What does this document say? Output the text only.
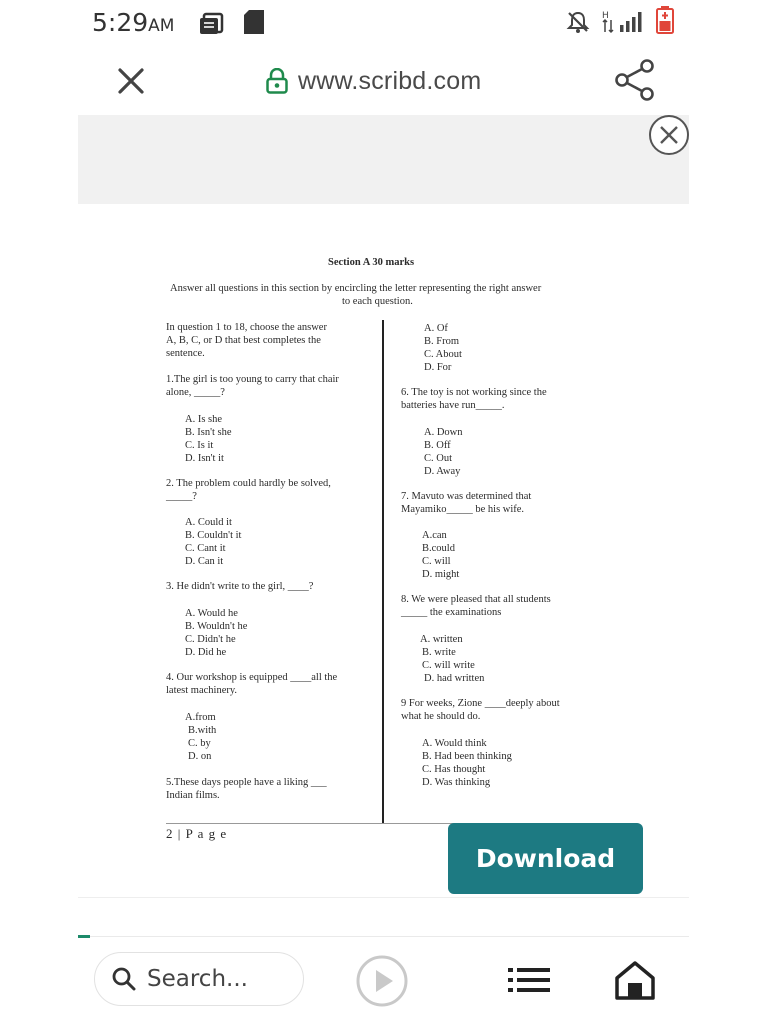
5:29AM	H
www.scribd.com
Section A 30 marks
Answer all questions in this section by encircling the letter representing the right answer
to each question.
In question 1 to 18, choose the answer
A, B, C, or D that best completes the
sentence.
1.The girl is too young to carry that chair
alone, _____?
A. Is she
B. Isn't she
C. Is it
D. Isn't it
2. The problem could hardly be solved,
_____?
A. Could it
B. Couldn't it
C. Cant it
D. Can it
3. He didn't write to the girl, ____?
A. Would he
B. Wouldn't he
C. Didn't he
D. Did he
4. Our workshop is equipped ____all the
latest machinery.
A.from
B.with
C. by
D. on
5.These days people have a liking ___
Indian films.
A. Of
B. From
C. About
D. For
6. The toy is not working since the
batteries have run_____.
A. Down
B. Off
C. Out
D. Away
7. Mavuto was determined that
Mayamiko_____ be his wife.
A.can
B.could
C. will
D. might
8. We were pleased that all students
_____ the examinations
A. written
B. write
C. will write
D. had written
9 For weeks, Zione ____deeply about
what he should do.
A. Would think
B. Had been thinking
C. Has thought
D. Was thinking
2 | P a g e
Download
Search...
